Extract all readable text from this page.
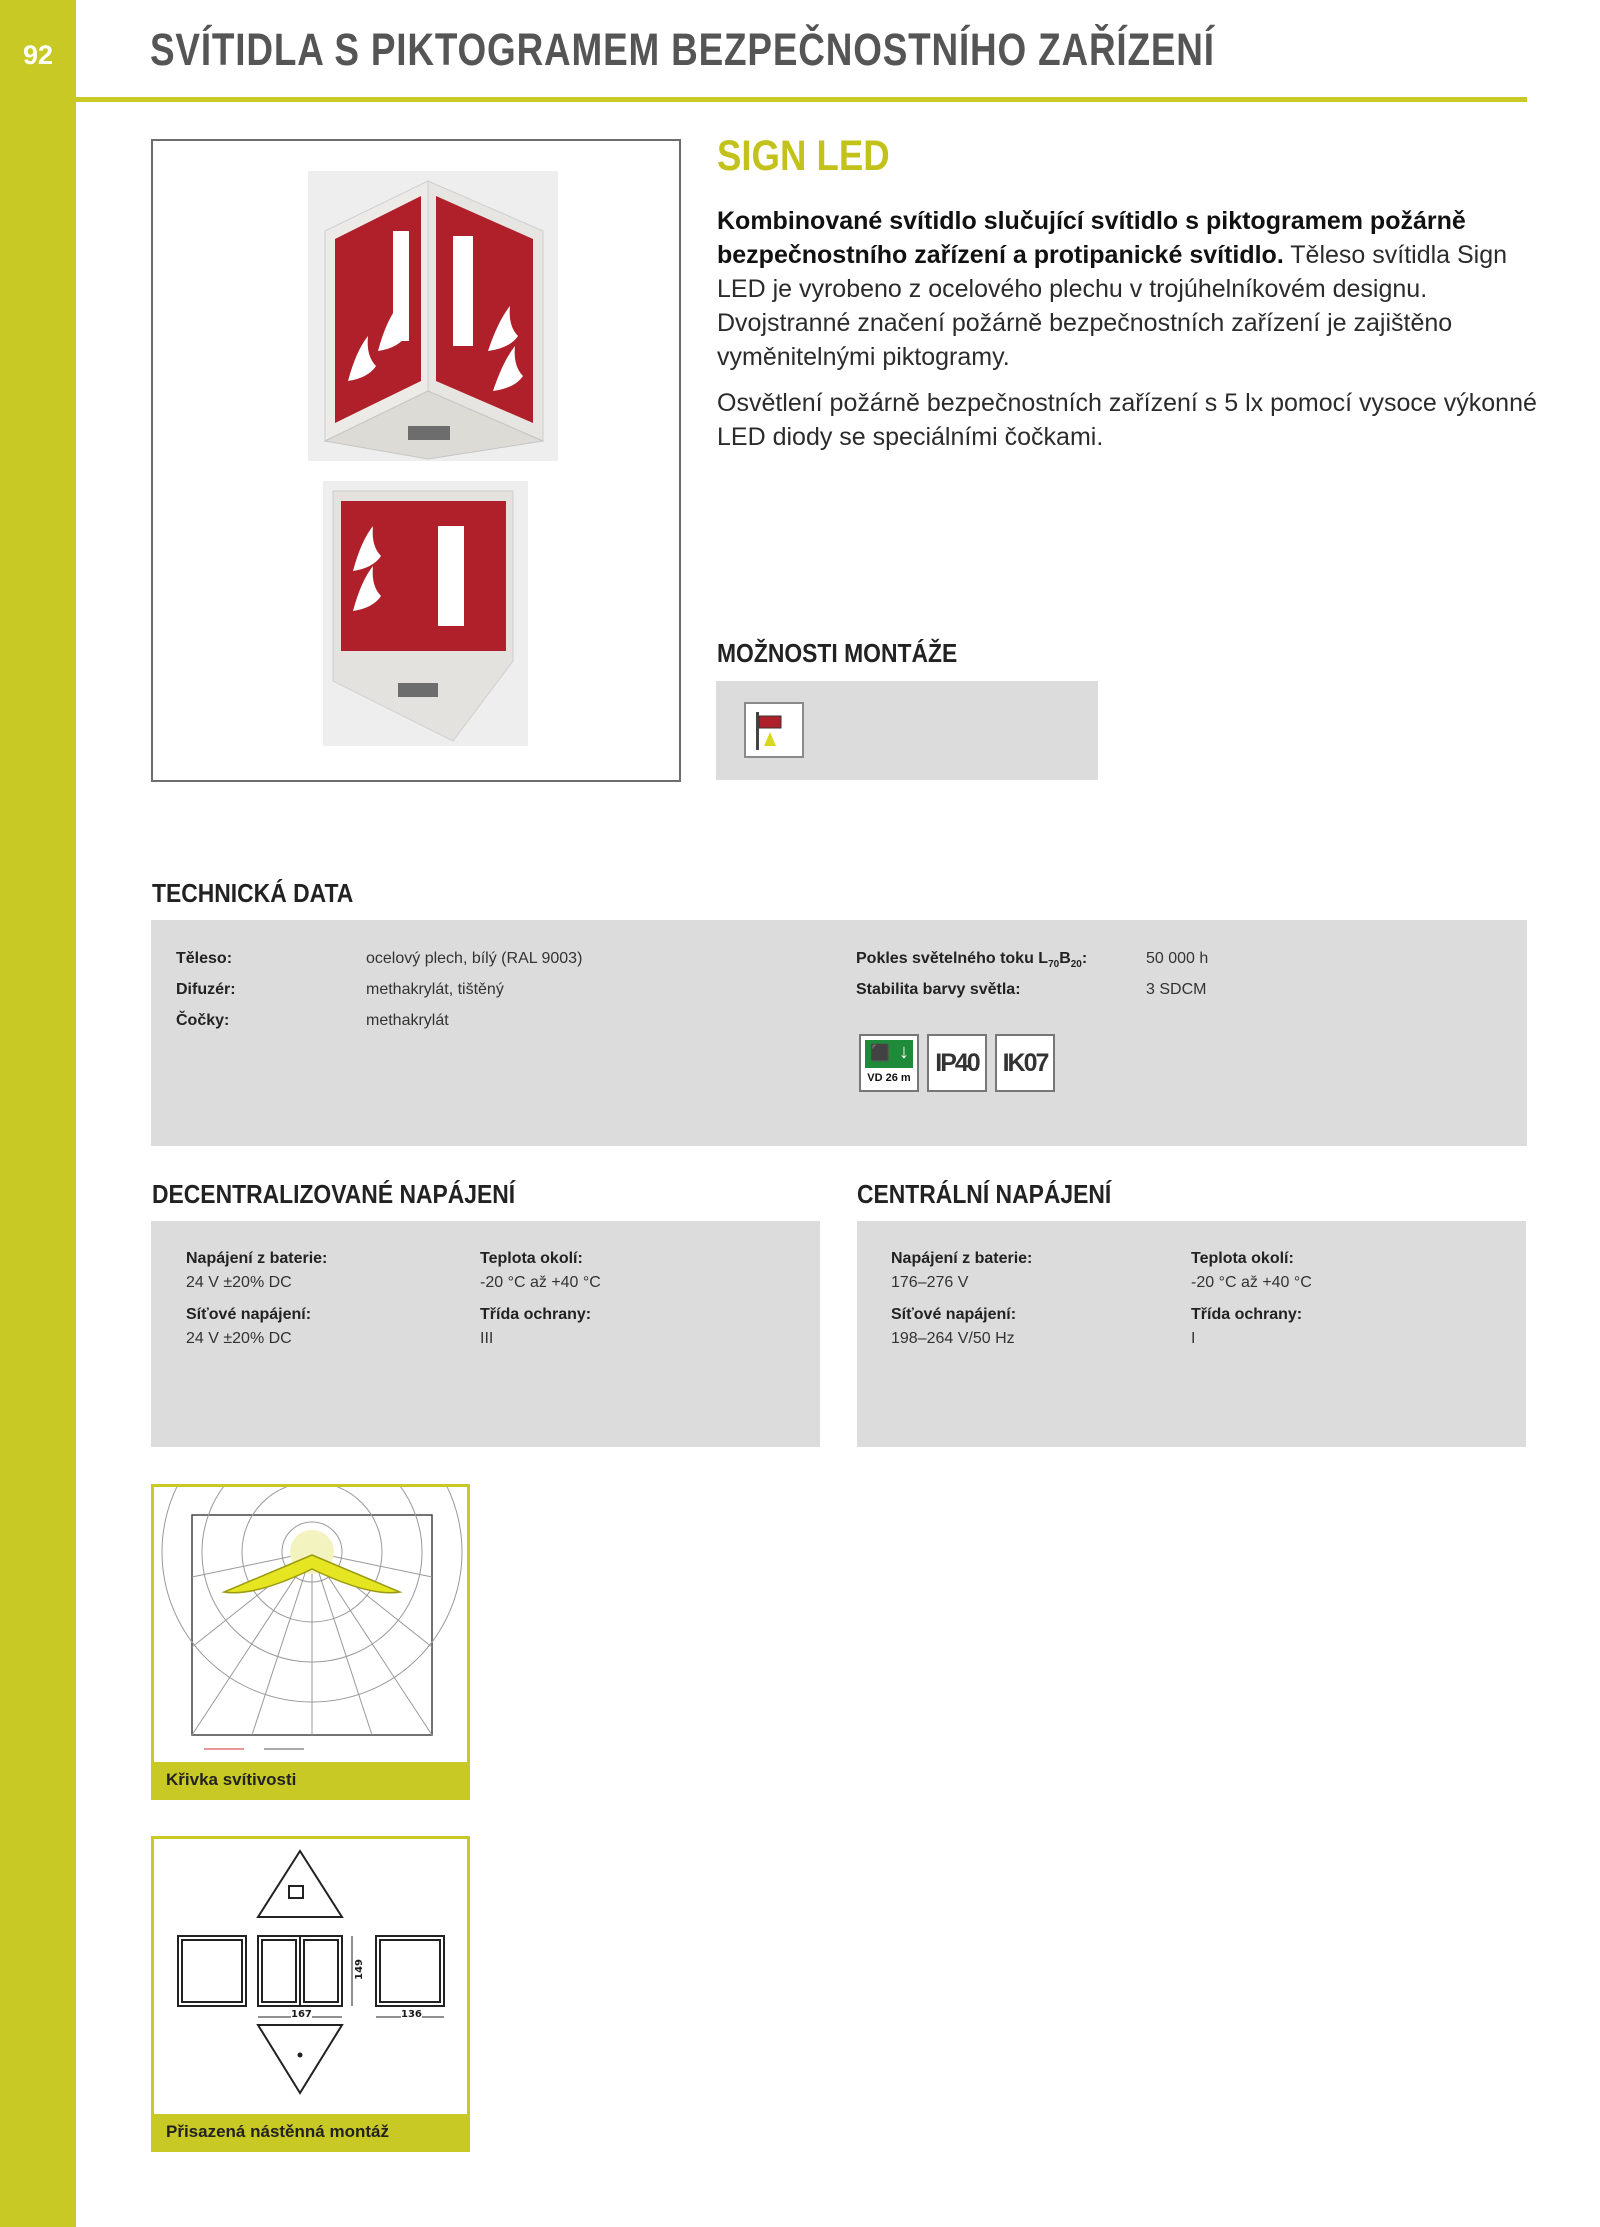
92	SVÍTIDLA S PIKTOGRAMEM BEZPEČNOSTNÍHO ZAŘÍZENÍ
SIGN LED

Kombinované svítidlo slučující svítidlo s piktogramem požárně bezpečnostního zařízení a protipanické svítidlo. Těleso svítidla Sign LED je vyrobeno z ocelového plechu v trojúhelníkovém designu. Dvojstranné značení požárně bezpečnostních zařízení je zajištěno vyměnitelnými piktogramy.

Osvětlení požárně bezpečnostních zařízení s 5 lx pomocí vysoce výkonné LED diody se speciálními čočkami.

MOŽNOSTI MONTÁŽE
TECHNICKÁ DATA
Těleso:	ocelový plech, bílý (RAL 9003)
Difuzér:	methakrylát, tištěný
Čočky:	methakrylát
Pokles světelného toku $L_{70}B_{20}$:	50 000 h
Stabilita barvy světla:	3 SDCM
↓
⬛
VD 26 m
IP40 IK07
DECENTRALIZOVANÉ NAPÁJENÍ
Napájení z baterie:
24 V ±20% DC
Síťové napájení:
24 V ±20% DC
Teplota okolí:
-20 °C až +40 °C
Třída ochrany:
III
CENTRÁLNÍ NAPÁJENÍ
Napájení z baterie:
176–276 V
Síťové napájení:
198–264 V/50 Hz
Teplota okolí:
-20 °C až +40 °C
Třída ochrany:
I
Křivka svítivosti
149
167	136
Přisazená nástěnná montáž
